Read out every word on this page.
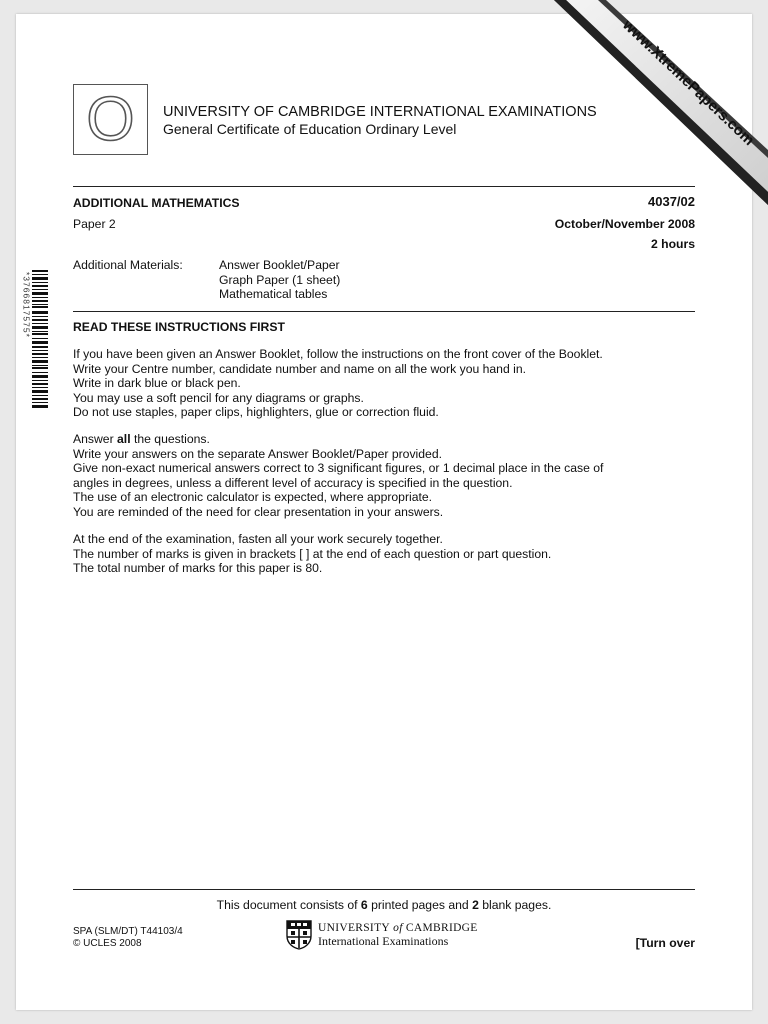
www.XtremePapers.com
O UNIVERSITY OF CAMBRIDGE INTERNATIONAL EXAMINATIONS
General Certificate of Education Ordinary Level
ADDITIONAL MATHEMATICS	4037/02
Paper 2	October/November 2008
2 hours
Additional Materials:	Answer Booklet/Paper
Graph Paper (1 sheet)
Mathematical tables
*3766817575*	READ THESE INSTRUCTIONS FIRST
If you have been given an Answer Booklet, follow the instructions on the front cover of the Booklet.
Write your Centre number, candidate number and name on all the work you hand in.
Write in dark blue or black pen.
You may use a soft pencil for any diagrams or graphs.
Do not use staples, paper clips, highlighters, glue or correction fluid.
Answer all the questions.
Write your answers on the separate Answer Booklet/Paper provided.
Give non-exact numerical answers correct to 3 significant figures, or 1 decimal place in the case of
angles in degrees, unless a different level of accuracy is specified in the question.
The use of an electronic calculator is expected, where appropriate.
You are reminded of the need for clear presentation in your answers.
At the end of the examination, fasten all your work securely together.
The number of marks is given in brackets [ ] at the end of each question or part question.
The total number of marks for this paper is 80.
This document consists of 6 printed pages and 2 blank pages.
SPA (SLM/DT) T44103/4
© UCLES 2008
UNIVERSITY of CAMBRIDGE
International Examinations	[Turn over
